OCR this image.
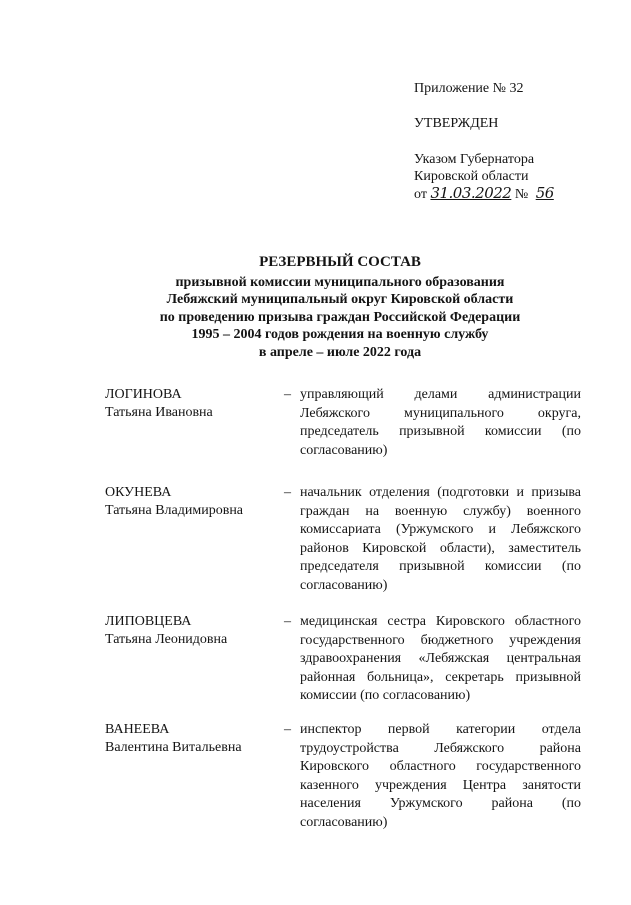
Приложение № 32
УТВЕРЖДЕН
Указом Губернатора
Кировской области
от 31.03.2022 № 56
РЕЗЕРВНЫЙ СОСТАВ
призывной комиссии муниципального образования
Лебяжский муниципальный округ Кировской области
по проведению призыва граждан Российской Федерации
1995 – 2004 годов рождения на военную службу
в апреле – июле 2022 года
ЛОГИНОВА
Татьяна Ивановна
– управляющий делами администрации Лебяжского муниципального округа, председатель призывной комиссии (по согласованию)
ОКУНЕВА
Татьяна Владимировна
– начальник отделения (подготовки и призыва граждан на военную службу) военного комиссариата (Уржумского и Лебяжского районов Кировской области), заместитель председателя призывной комиссии (по согласованию)
ЛИПОВЦЕВА
Татьяна Леонидовна
– медицинская сестра Кировского областного государственного бюджетного учреждения здравоохранения «Лебяжская центральная районная больница», секретарь призывной комиссии (по согласованию)
ВАНЕЕВА
Валентина Витальевна
– инспектор первой категории отдела трудоустройства Лебяжского района Кировского областного государственного казенного учреждения Центра занятости населения Уржумского района (по согласованию)
